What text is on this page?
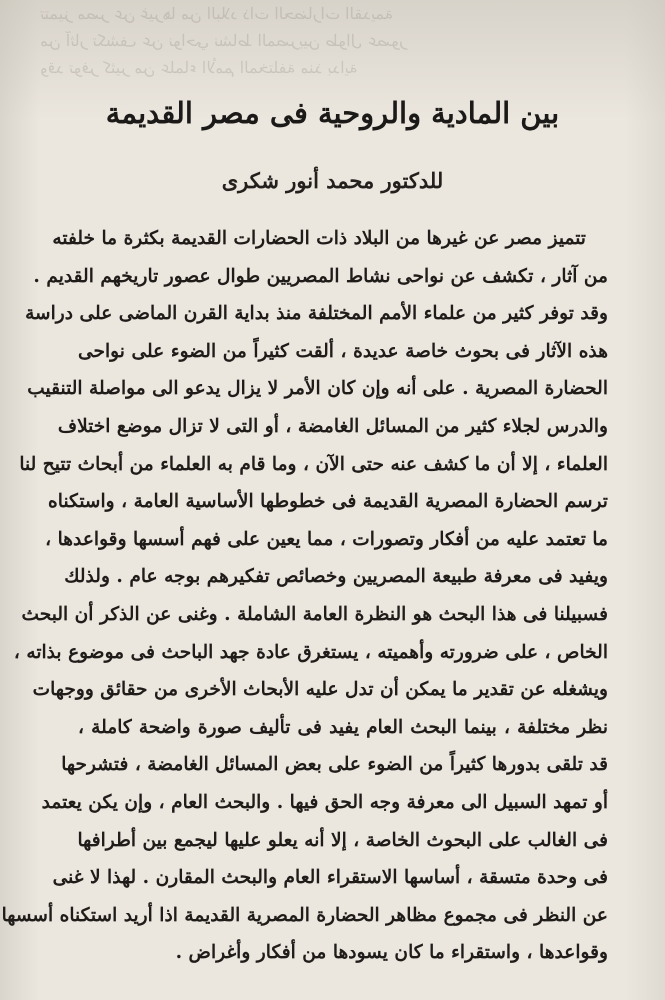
تتميز مصر عن غيرها من البلاد ذات الحضارات القديمة
من آثار تكشف عن نواحي نشاط المصريين طوال عصور
وقد توفر كثير من علماء الأمم المختلفة منذ بداية
بين المادية والروحية فى مصر القديمة
للدكتور محمد أنور شكرى
تتميز مصر عن غيرها من البلاد ذات الحضارات القديمة بكثرة ما خلفته
من آثار ، تكشف عن نواحى نشاط المصريين طوال عصور تاريخهم القديم .
وقد توفر كثير من علماء الأمم المختلفة منذ بداية القرن الماضى على دراسة
هذه الآثار فى بحوث خاصة عديدة ، ألقت كثيراً من الضوء على نواحى
الحضارة المصرية . على أنه وإن كان الأمر لا يزال يدعو الى مواصلة التنقيب
والدرس لجلاء كثير من المسائل الغامضة ، أو التى لا تزال موضع اختلاف
العلماء ، إلا أن ما كشف عنه حتى الآن ، وما قام به العلماء من أبحاث تتيح لنا
ترسم الحضارة المصرية القديمة فى خطوطها الأساسية العامة ، واستكناه
ما تعتمد عليه من أفكار وتصورات ، مما يعين على فهم أسسها وقواعدها ،
ويفيد فى معرفة طبيعة المصريين وخصائص تفكيرهم بوجه عام . ولذلك
فسبيلنا فى هذا البحث هو النظرة العامة الشاملة . وغنى عن الذكر أن البحث
الخاص ، على ضرورته وأهميته ، يستغرق عادة جهد الباحث فى موضوع بذاته ،
ويشغله عن تقدير ما يمكن أن تدل عليه الأبحاث الأخرى من حقائق ووجهات
نظر مختلفة ، بينما البحث العام يفيد فى تأليف صورة واضحة كاملة ،
قد تلقى بدورها كثيراً من الضوء على بعض المسائل الغامضة ، فتشرحها
أو تمهد السبيل الى معرفة وجه الحق فيها . والبحث العام ، وإن يكن يعتمد
فى الغالب على البحوث الخاصة ، إلا أنه يعلو عليها ليجمع بين أطرافها
فى وحدة متسقة ، أساسها الاستقراء العام والبحث المقارن . لهذا لا غنى
عن النظر فى مجموع مظاهر الحضارة المصرية القديمة اذا أريد استكناه أسسها
وقواعدها ، واستقراء ما كان يسودها من أفكار وأغراض .
